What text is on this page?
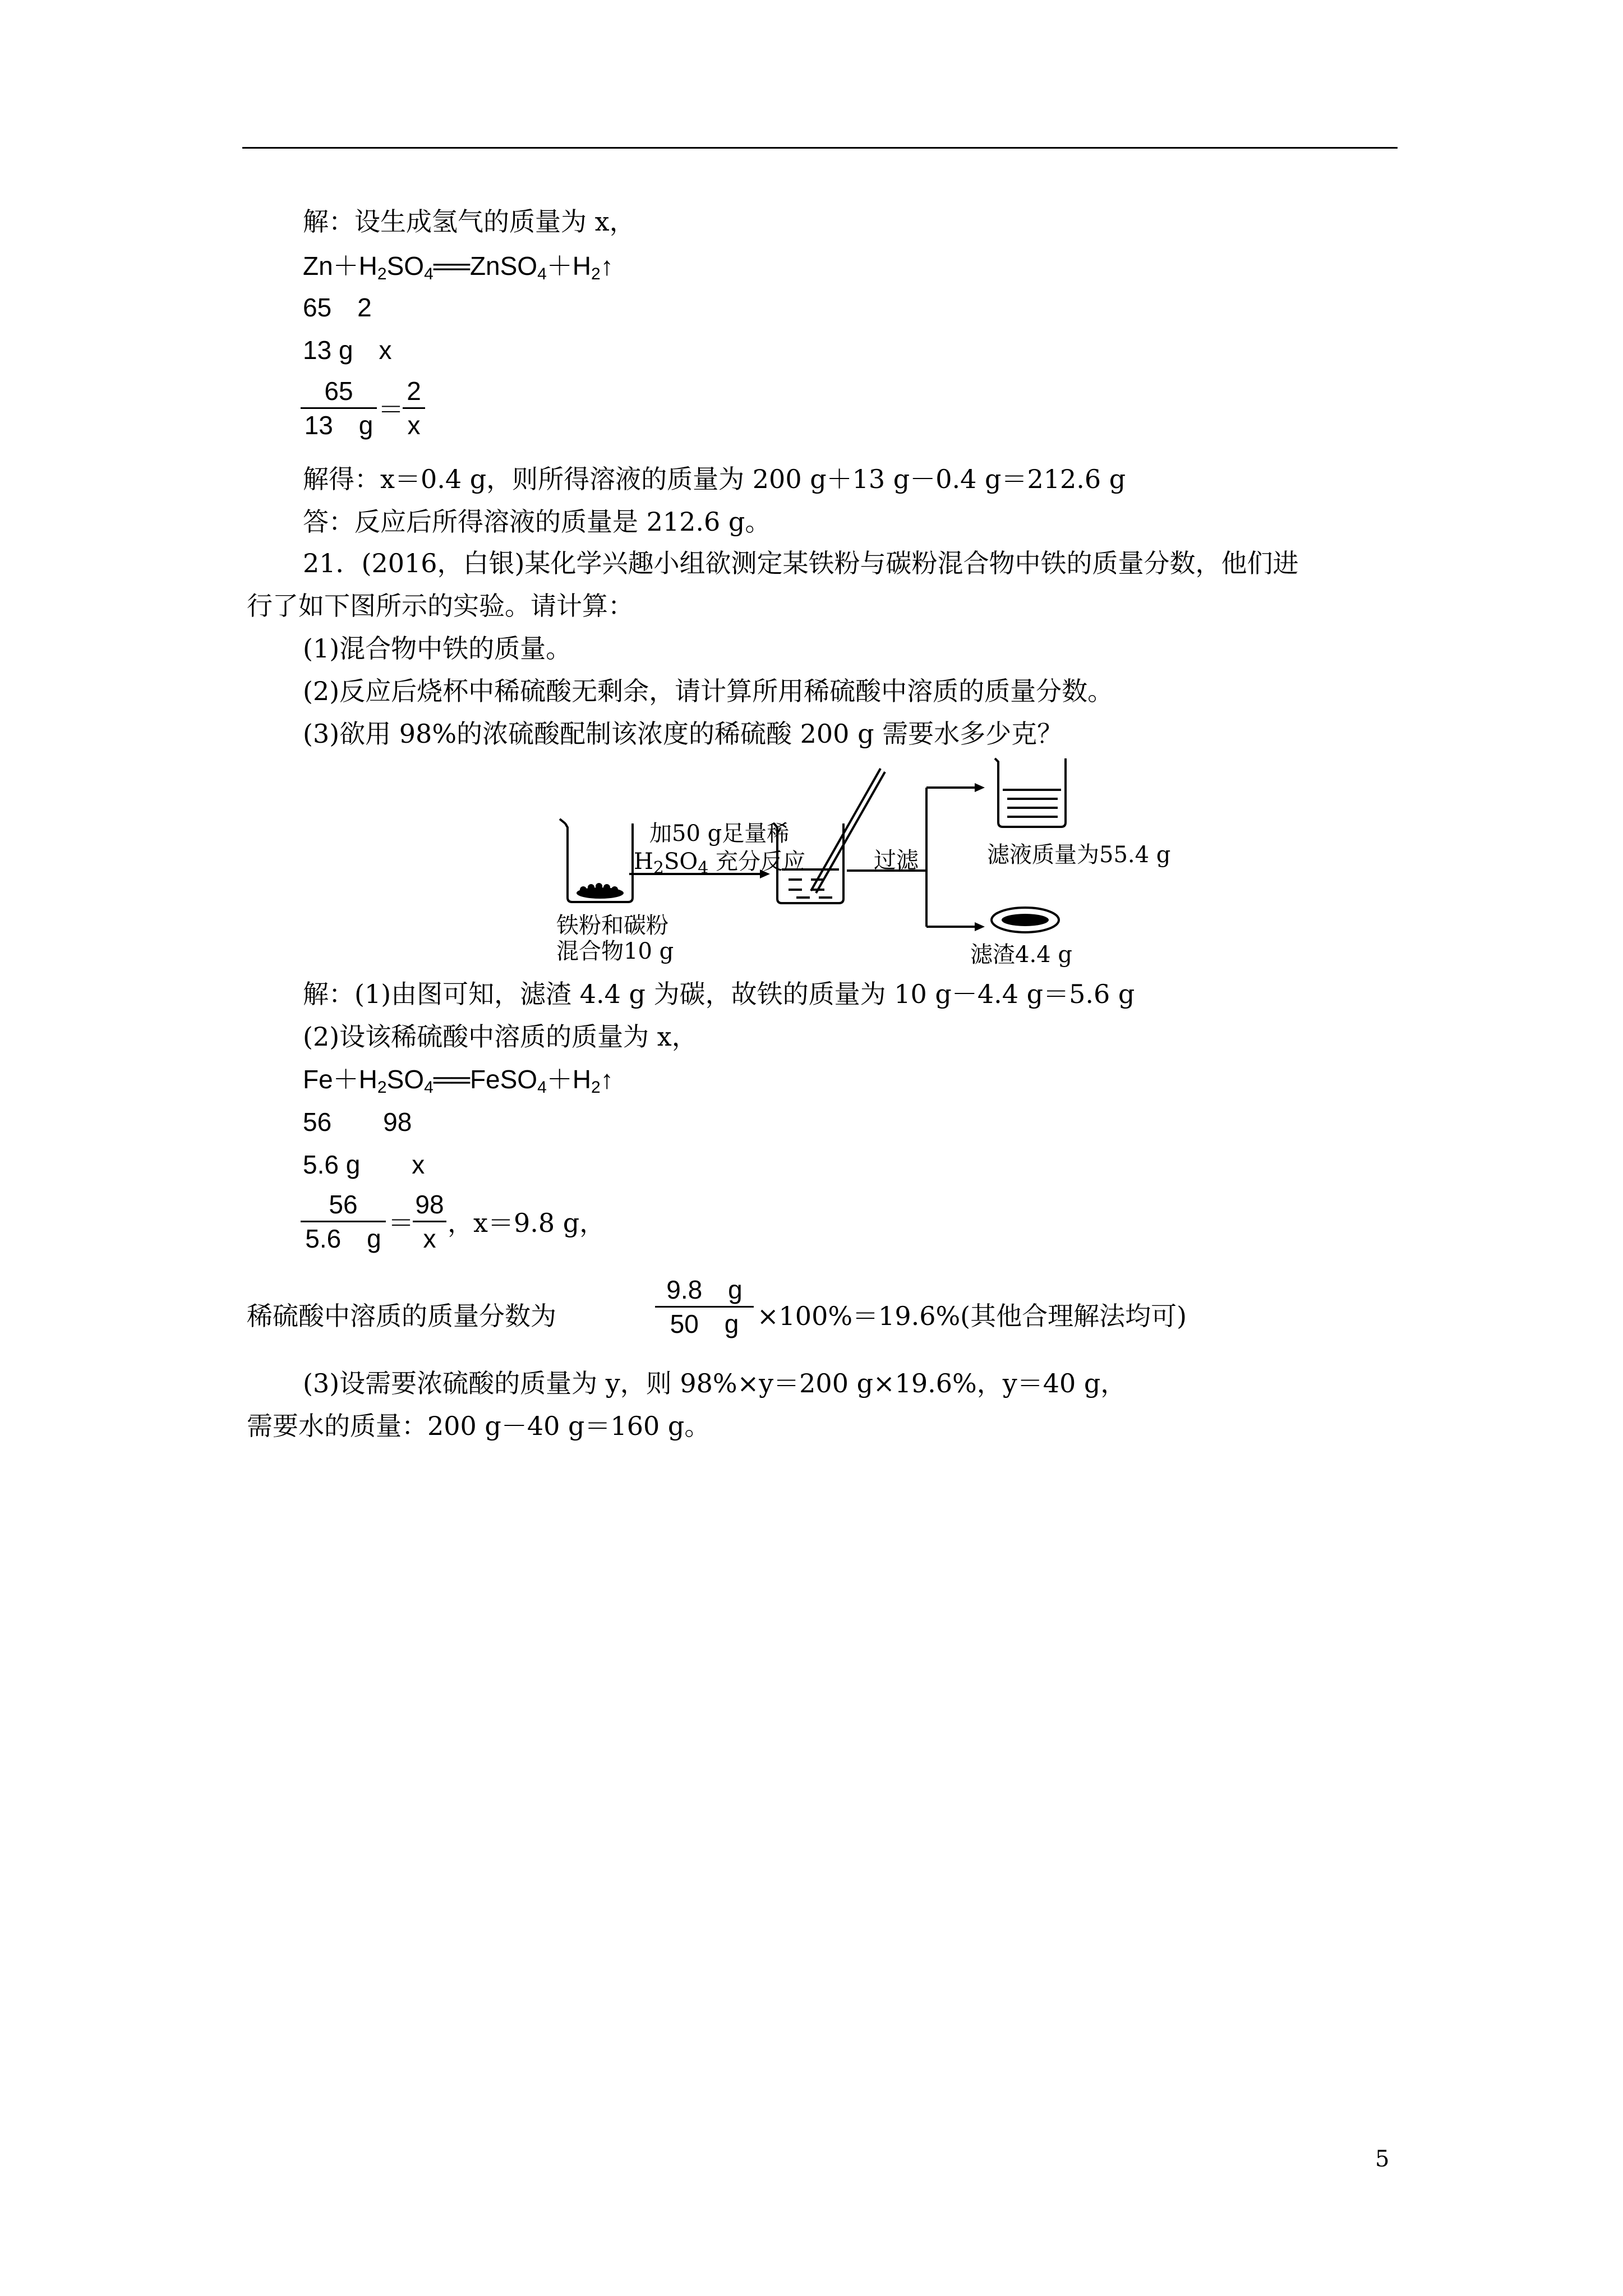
解：设生成氢气的质量为 x，
$Zn+H_2SO_4══ZnSO_4+H_2↑$
65　2
13 g　x
65
13　g
＝
2
x
解得：x＝0.4 g，则所得溶液的质量为 200 g＋13 g－0.4 g＝212.6 g
答：反应后所得溶液的质量是 212.6 g。
21．(2016，白银)某化学兴趣小组欲测定某铁粉与碳粉混合物中铁的质量分数，他们进
行了如下图所示的实验。请计算：
(1)混合物中铁的质量。
(2)反应后烧杯中稀硫酸无剩余，请计算所用稀硫酸中溶质的质量分数。
(3)欲用 98%的浓硫酸配制该浓度的稀硫酸 200 g 需要水多少克？
加50 g足量稀
$H_2SO_4$ 充分反应	过滤
铁粉和碳粉
混合物10 g
滤液质量为55.4 g
滤渣4.4 g
解：(1)由图可知，滤渣 4.4 g 为碳，故铁的质量为 10 g－4.4 g＝5.6 g
(2)设该稀硫酸中溶质的质量为 x，
$Fe+H_2SO_4══FeSO_4+H_2↑$
56　　98
5.6 g　　x
56
5.6　g
＝
98
x
，x＝9.8 g，
稀硫酸中溶质的质量分数为
9.8　g
50　g ×100%＝19.6%(其他合理解法均可)
(3)设需要浓硫酸的质量为 y，则 98%×y＝200 g×19.6%，y＝40 g，
需要水的质量：200 g－40 g＝160 g。
5
